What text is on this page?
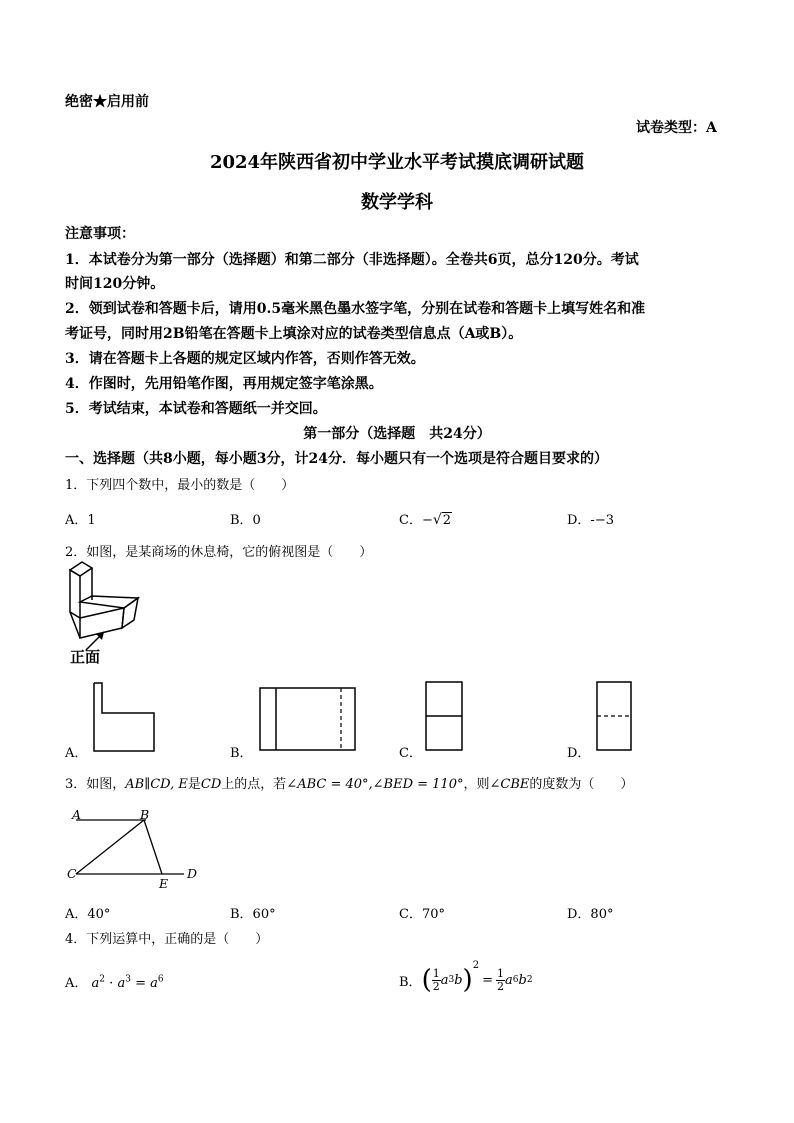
绝密★启用前
试卷类型：A
2024年陕西省初中学业水平考试摸底调研试题
数学学科
注意事项：
1．本试卷分为第一部分（选择题）和第二部分（非选择题）。全卷共6页，总分120分。考试
时间120分钟。
2．领到试卷和答题卡后，请用0.5毫米黑色墨水签字笔，分别在试卷和答题卡上填写姓名和准
考证号，同时用2B铅笔在答题卡上填涂对应的试卷类型信息点（A或B）。
3．请在答题卡上各题的规定区域内作答，否则作答无效。
4．作图时，先用铅笔作图，再用规定签字笔涂黑。
5．考试结束，本试卷和答题纸一并交回。
第一部分（选择题　共24分）
一、选择题（共8小题，每小题3分，计24分．每小题只有一个选项是符合题目要求的）
1．下列四个数中，最小的数是（　　）
A．1	B．0	C．−√2	D．-−3
2．如图，是某商场的休息椅，它的俯视图是（　　）
正面
A．	B．	C．	D．
3．如图，AB∥CD, E是CD上的点，若∠ABC = 40°,∠BED = 110°，则∠CBE的度数为（　　）
A	B
C
E
D
A．40°	B．60°	C．70°	D．80°
4．下列运算中，正确的是（　　）
A． $a^2 \cdot a^3 = a^6$	B． ( $\frac{1}{2}$ a 3 b )$^2$
= $\frac{1}{2}$ a 6 b 2
